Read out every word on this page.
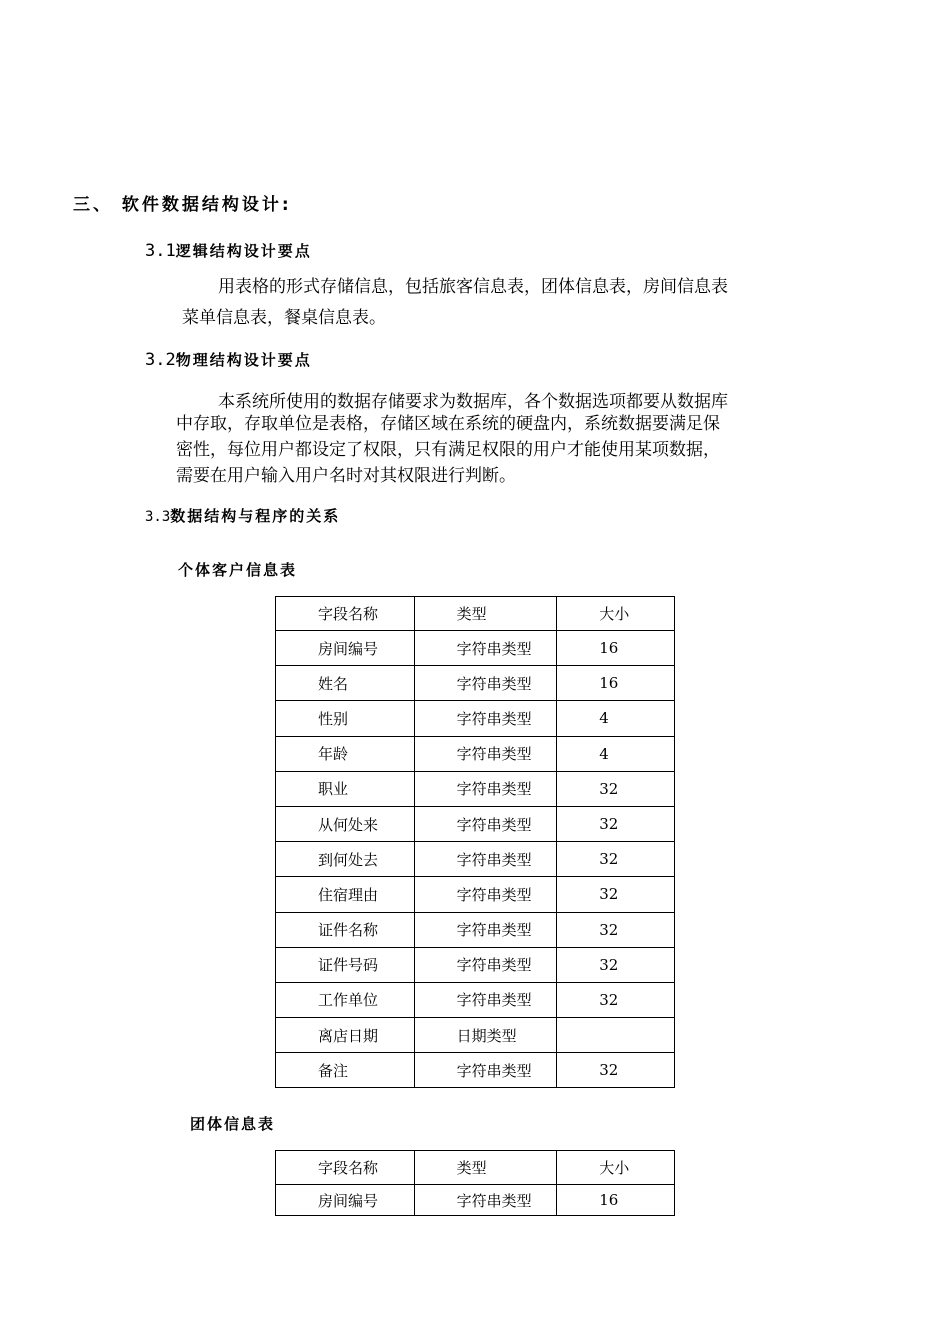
三、 软件数据结构设计:
3.1逻辑结构设计要点
用表格的形式存储信息，包括旅客信息表，团体信息表，房间信息表
菜单信息表，餐桌信息表。
3.2物理结构设计要点
本系统所使用的数据存储要求为数据库，各个数据选项都要从数据库
中存取，存取单位是表格，存储区域在系统的硬盘内，系统数据要满足保
密性，每位用户都设定了权限，只有满足权限的用户才能使用某项数据，
需要在用户输入用户名时对其权限进行判断。
3.3数据结构与程序的关系
个体客户信息表
字段名称	类型	大小
房间编号	字符串类型	16
姓名	字符串类型	16
性别	字符串类型	4
年龄	字符串类型	4
职业	字符串类型	32
从何处来	字符串类型	32
到何处去	字符串类型	32
住宿理由	字符串类型	32
证件名称	字符串类型	32
证件号码	字符串类型	32
工作单位	字符串类型	32
离店日期	日期类型	
备注	字符串类型	32
团体信息表
字段名称	类型	大小
房间编号	字符串类型	16
